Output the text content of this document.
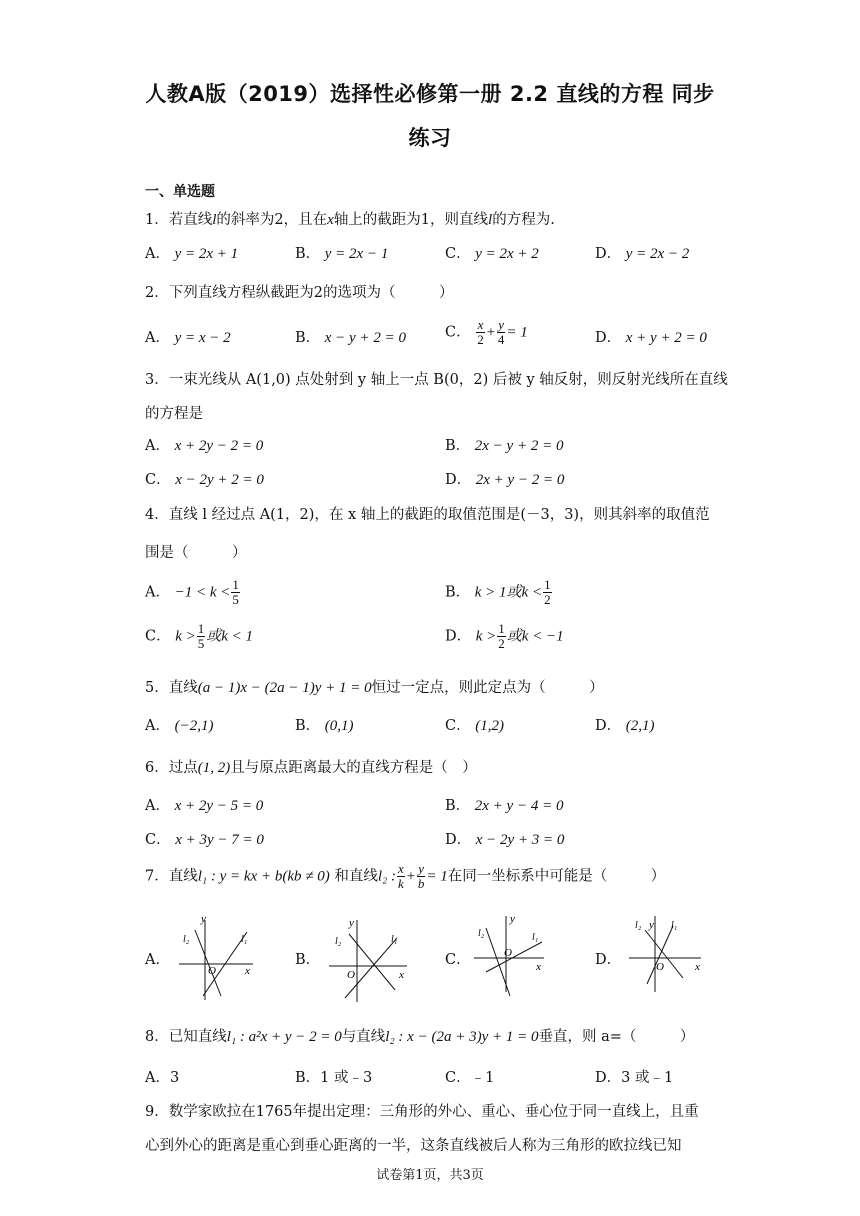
人教A版（2019）选择性必修第一册 2.2 直线的方程 同步
练习
一、单选题
1．若直线l的斜率为2，且在x轴上的截距为1，则直线l的方程为.
A． y = 2x + 1	B． y = 2x − 1	C． y = 2x + 2	D． y = 2x − 2
2．下列直线方程纵截距为2的选项为（　　　）
A． y = x − 2	B． x − y + 2 = 0	C． $\frac{x}{2} + \frac{y}{4} = 1$	D． x + y + 2 = 0
3．一束光线从 A(1,0) 点处射到 y 轴上一点 B(0，2) 后被 y 轴反射，则反射光线所在直线
的方程是
A． x + 2y − 2 = 0	B． 2x − y + 2 = 0
C． x − 2y + 2 = 0	D． 2x + y − 2 = 0
4．直线 l 经过点 A(1，2)，在 x 轴上的截距的取值范围是(－3，3)，则其斜率的取值范
围是（　　　）
A． $-1 < k < \frac{1}{5}$	B． k > 1或$k < \frac{1}{2}$
C． $k > \frac{1}{5}$ 或k < 1	D． $k > \frac{1}{2}$ 或k < −1
5．直线(a − 1)x − (2a − 1)y + 1 = 0恒过一定点，则此定点为（　　　）
A． (−2,1)	B． (0,1)	C． (1,2)	D． (2,1)
6．过点(1, 2)且与原点距离最大的直线方程是（　）
A． x + 2y − 5 = 0	B． 2x + y − 4 = 0
C． x + 3y − 7 = 0	D． x − 2y + 3 = 0
7．直线l₁ : y = kx + b(kb ≠ 0) 和直线l₂ : $\frac{x}{k} + \frac{y}{b} = 1$在同一坐标系中可能是（　　　）
A．	B．	C．	D．
y
x
O
l₂	l₁
y
x
O
l₂	l₁
y
x
O
l₂	l₁
l₂ y l₁
x
O
8．已知直线l₁ : a²x + y − 2 = 0与直线l₂ : x − (2a + 3)y + 1 = 0垂直，则 a=（　　　）
A．3	B．1 或﹣3	C．﹣1	D．3 或﹣1
9．数学家欧拉在1765年提出定理：三角形的外心、重心、垂心位于同一直线上，且重
心到外心的距离是重心到垂心距离的一半，这条直线被后人称为三角形的欧拉线已知
试卷第1页，共3页
